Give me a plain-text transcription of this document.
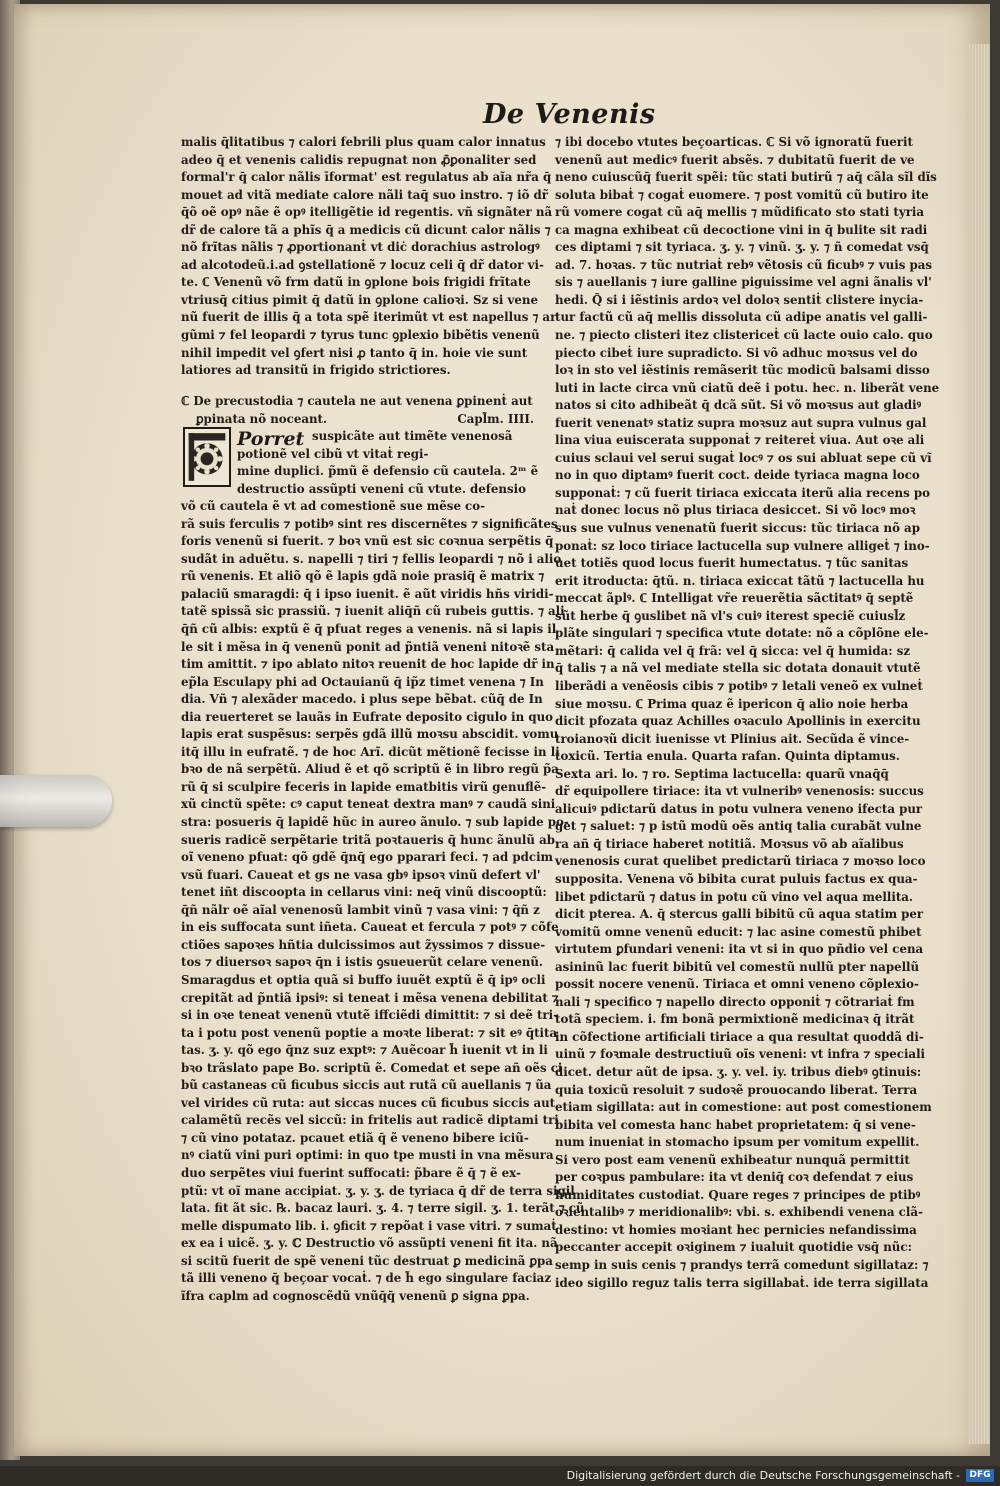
De Venenis
malis q̄litatibus ⁊ calori febrili plus quam calor innatus
adeo q̄ et venenis calidis repugnat non ꝓ̄ꝑonaliter sed
formal'r q̄ calor nãlis īformat' est regulatus ab aĩa nr̃a q̄
mouet ad vitã mediate calore nãli taq̄ suo instro. ⁊ iõ dr̃
q̄õ oẽ opꝰ nãe ẽ opꝰ itelligẽtie id regentis. vñ signãter nã
dr̃ de calore tã a phĩs q̄ a medicis cũ dicunt calor nãlis ⁊
nõ frĩtas nãlis ⁊ ꝓportionanṫ vt diċ dorachius astrologꝰ
ad alcotodeũ.i.ad ꝯstellationẽ ⁊ locuz celi q̄ dr̃ dator vi-
te. ℂ Venenũ võ frm datũ in ꝯplone bois frigidi frĩtate
vtriusq̄ citius pimit q̄ datũ in ꝯplone calioꝛi. Sz si vene
nũ fuerit de illis q̄ a tota spẽ iterimũt vt est napellus ⁊ ar
gũmi ⁊ fel leopardi ⁊ tyrus tunc ꝯplexio bibẽtis venenũ
nihil impedit vel ꝯfert nisi ꝓ tanto q̄ in. hoie vie sunt
latiores ad transitũ in frigido strictiores.
ℂ De precustodia ⁊ cautela ne aut venena ꝑpinenṫ aut
ꝑpinata nõ noceant.	Capl̃m. IIII.
Porret suspicãte aut timẽte venenosã
potionẽ vel cibũ vt vitaṫ regi-
mine duplici. p̃mũ ẽ defensio cũ cautela. 2ᵐ ẽ
destructio assũpti veneni cũ vtute. defensio
võ cũ cautela ẽ vt ad comestionẽ sue mẽse co-
rã suis ferculis ⁊ potibꝰ sint res discernẽtes ⁊ significãtes
foris venenũ si fuerit. ⁊ boꝛ vnũ est sic coꝛnua serpẽtis q̄
sudãt in aduẽtu. s. napelli ⁊ tiri ⁊ fellis leopardi ⁊ nõ i alio
rũ venenis. Et aliõ qõ ẽ lapis gdã noie prasiq̄ ẽ matrix ⁊
palaciũ smaragdi: q̄ i ipso iuenit. ẽ aũt viridis hñs viridi-
tatẽ spissã sic prassiũ. ⁊ iuenit aliq̄ñ cũ rubeis guttis. ⁊ ali
q̄ñ cũ albis: exptũ ẽ q̄ pfuat reges a venenis. nã si lapis il
le sit i mẽsa in q̄ venenũ ponit ad p̃ntiã veneni nitoꝛẽ sta
tim amittit. ⁊ ipo ablato nitoꝛ reuenit de hoc lapide dr̃ in
ep̃la Esculapy phi ad Octauianũ q̄ ip̃z timet venena ⁊ In
dia. Vñ ⁊ alexãder macedo. i plus sepe bẽbat. cũq̄ de In
dia reuerteret se lauãs in Eufrate deposito cigulo in quo
lapis erat suspẽsus: serpẽs gdã illũ moꝛsu abscidit. vomu
itq̄ illu in eufratẽ. ⁊ de hoc Arĩ. dicũt mẽtionẽ fecisse in li
bꝛo de nã serpẽtũ. Aliud ẽ et qõ scriptũ ẽ in libro regũ p̃a
rũ q̄ si sculpire feceris in lapide ematbitis virũ genuflẽ-
xũ cinctũ spẽte: cꝰ caput teneat dextra manꝰ ⁊ caudã sini
stra: posueris q̄ lapidẽ hũc in aureo ãnulo. ⁊ sub lapide po-
sueris radicẽ serpẽtarie tritã poꝛtaueris q̄ hunc ãnulũ ab
oĩ veneno pfuat: qõ gdẽ q̄nq̄ ego pparari feci. ⁊ ad pdcim
vsũ fuari. Caueat et gs ne vasa gbꝰ ipsoꝛ vinũ defert vl'
tenet iñt discoopta in cellarus vini: neq̄ vinũ discooptũ:
q̄ñ nãlr oẽ aĩal venenosũ lambit vinũ ⁊ vasa vini: ⁊ q̄ñ z
in eis suffocata sunt iñeta. Caueat et fercula ⁊ potꝰ ⁊ cõfe
ctiões sapoꝛes hñtia dulcissimos aut z̃yssimos ⁊ dissue-
tos ⁊ diuersoꝛ sapoꝛ q̄n i istis ꝯsueuerũt celare venenũ.
Smaragdus et optia quã si buffo iuuẽt exptũ ẽ q̄ ipꝰ ocli
crepitãt ad p̃ntiã ipsiꝰ: si teneat i mẽsa venena debilitat ⁊
si in oꝛe teneat venenũ vtutẽ iffciẽdi dimittit: ⁊ si deẽ tri-
ta i potu post venenũ poptie a moꝛte liberat: ⁊ sit eꝰ q̄tita
tas. ʒ. y. qõ ego q̄nz suz exptꝰ: ⁊ Auẽcoar h̃ iuenit vt in li
bꝛo trãslato pape Bo. scriptũ ẽ. Comedat et sepe añ oẽs ci
bũ castaneas cũ ficubus siccis aut rutã cũ auellanis ⁊ ũa
vel virides cũ ruta: aut siccas nuces cũ ficubus siccis aut
calamẽtũ recẽs vel siccũ: in fritelis aut radicẽ diptami tri
⁊ cũ vino potataz. pcauet etiã q̄ ẽ veneno bibere iciũ-
nꝰ ciatũ vini puri optimi: in quo tpe musti in vna mẽsura
duo serpẽtes viui fuerint suffocati: p̃bare ẽ q̄ ⁊ ẽ ex-
ptũ: vt oĩ mane accipiat. ʒ. y. ʒ. de tyriaca q̄ dr̃ de terra sigil
lata. fit ãt sic. ℞. bacaz lauri. ʒ. 4. ⁊ terre sigil. ʒ. 1. terãt ⁊ cũ
melle dispumato lib. i. ꝯficit ⁊ repõat i vase vitri. ⁊ sumaṫ
ex ea i uicẽ. ʒ. y. ℂ Destructio võ assũpti veneni fit ita. nã
si scitũ fuerit de spẽ veneni tũc destruat ꝑ medicinã ꝑpa
tã illi veneno q̄ beçoar vocaṫ. ⁊ de h̃ ego singulare faciaz
ĩfra caplm ad cognoscẽdũ vnũq̄q̄ venenũ ꝑ signa ꝑpa.
⁊ ibi docebo vtutes beçoarticas. ℂ Si võ ignoratũ fuerit
venenũ aut medicꝰ fuerit absẽs. ⁊ dubitatũ fuerit de ve
neno cuiuscũq̄ fuerit spẽi: tũc stati butirũ ⁊ aq̄ cãla sĩl dĩs
soluta bibaṫ ⁊ cogaṫ euomere. ⁊ post vomitũ cũ butiro ite
rũ vomere cogat cũ aq̄ mellis ⁊ mũdificato sto stati tyria
ca magna exhibeat cũ decoctione vini in q̄ bulite sit radi
ces diptami ⁊ sit tyriaca. ʒ. y. ⁊ vinũ. ʒ. y. ⁊ ñ comedat vsq̄
ad. 7. hoꝛas. ⁊ tũc nutriaṫ rebꝰ vẽtosis cũ ficubꝰ ⁊ vuis pas
sis ⁊ auellanis ⁊ iure galline piguissime vel agni ãnalis vl'
hedi. Q̃ si i iẽstinis ardoꝛ vel doloꝛ sentiṫ clistere inycia-
tur factũ cũ aq̄ mellis dissoluta cũ adipe anatis vel galli-
ne. ⁊ piecto clisteri itez clistericeṫ cũ lacte ouio calo. quo
piecto cibeṫ iure supradicto. Si võ adhuc moꝛsus vel do
loꝛ in sto vel iẽstinis remãserit tũc modicũ balsami disso
luti in lacte circa vnũ ciatũ deẽ i potu. hec. n. liberãt vene
natos si cito adhibeãt q̄ dcã sũt. Si võ moꝛsus aut gladiꝰ
fuerit venenatꝰ statiz supra moꝛsuz aut supra vulnus gal
lina viua euiscerata supponaṫ ⁊ reitereṫ viua. Aut oꝛe ali
cuius sclaui vel serui sugaṫ locꝰ ⁊ os sui abluat sepe cũ vĩ
no in quo diptamꝰ fuerit coct. deide tyriaca magna loco
supponaṫ: ⁊ cũ fuerit tiriaca exiccata iterũ alia recens po
naṫ donec locus nõ plus tiriaca desiccet. Si võ locꝰ moꝛ
sus sue vulnus venenatũ fuerit siccus: tũc tiriaca nõ ap
ponaṫ: sz loco tiriace lactucella sup vulnere alligeṫ ⁊ ino-
uet totiẽs quod locus fuerit humectatus. ⁊ tũc sanitas
erit itroducta: q̄tũ. n. tiriaca exiccat tãtũ ⁊ lactucella hu
meccat ãplꝰ. ℂ Intelligat vr̃e reuerẽtia sãctitatꝰ q̄ septẽ
sũt herbe q̄ ꝯuslibet nã vl's cuiꝰ iterest speciẽ cuiusl̃z
plãte singulari ⁊ specifica vtute dotate: nõ a cõplõne ele-
mẽtari: q̄ calida vel q̄ frã: vel q̄ sicca: vel q̄ humida: sz
q̄ talis ⁊ a nã vel mediate stella sic dotata donauit vtutẽ
liberãdi a venẽosis cibis ⁊ potibꝰ ⁊ letali veneõ ex vulneṫ
siue moꝛsu. ℂ Prima quaz ẽ ipericon q̄ alio noie herba
dicit pfozata quaz Achilles oꝛaculo Apollinis in exercitu
troianoꝛũ dicit iuenisse vt Plinius ait. Secũda ẽ vince-
toxicũ. Tertia enula. Quarta rafan. Quinta diptamus.
Sexta ari. lo. ⁊ ro. Septima lactucella: quarũ vnaq̄q̄
dr̃ equipollere tiriace: ita vt vulneribꝰ venenosis: succus
alicuiꝰ pdictarũ datus in potu vulnera veneno ifecta pur
get ⁊ saluet: ⁊ p istũ modũ oẽs antiq talia curabãt vulne
ra añ q̄ tiriace haberet notitiã. Moꝛsus võ ab aĩalibus
venenosis curat quelibet predictarũ tiriaca ⁊ moꝛso loco
supposita. Venena võ bibita curat puluis factus ex qua-
libet pdictarũ ⁊ datus in potu cũ vino vel aqua mellita.
dicit pterea. A. q̄ stercus galli bibitũ cũ aqua statim per
vomitũ omne venenũ educit: ⁊ lac asine comestũ phibet
virtutem ꝑfundari veneni: ita vt si in quo pñdio vel cena
asininũ lac fuerit bibitũ vel comestũ nullũ pter napellũ
possit nocere venenũ. Tiriaca et omni veneno cõplexio-
nali ⁊ specifico ⁊ napello directo opponiṫ ⁊ cõtrariaṫ fm
totã speciem. i. fm bonã permixtionẽ medicinaꝛ q̄ itrãt
in cõfectione artificiali tiriace a qua resultat quoddã di-
uinũ ⁊ foꝛmale destructiuũ oĩs veneni: vt infra ⁊ speciali
dicet. detur aũt de ipsa. ʒ. y. vel. iy. tribus diebꝰ ꝯtinuis:
quia toxicũ resoluit ⁊ sudoꝛẽ prouocando liberat. Terra
etiam sigillata: aut in comestione: aut post comestionem
bibita vel comesta hanc habet proprietatem: q̄ si vene-
num inueniat in stomacho ipsum per vomitum expellit.
Si vero post eam venenũ exhibeatur nunquã permittit
per coꝛpus pambulare: ita vt deniq̄ coꝛ defendat ⁊ eius
humiditates custodiat. Quare reges ⁊ principes de ptibꝰ
oꝛientalibꝰ ⁊ meridionalibꝰ: vbi. s. exhibendi venena clã-
destino: vt homies moꝛiant hec pernicies nefandissima
peccanter accepit oꝛiginem ⁊ iualuit quotidie vsq̄ nũc:
semp in suis cenis ⁊ prandys terrã comedunt sigillataz: ⁊
ideo sigillo reguz talis terra sigillabaṫ. ide terra sigillata
Digitalisierung gefördert durch die Deutsche Forschungsgemeinschaft -	DFG
